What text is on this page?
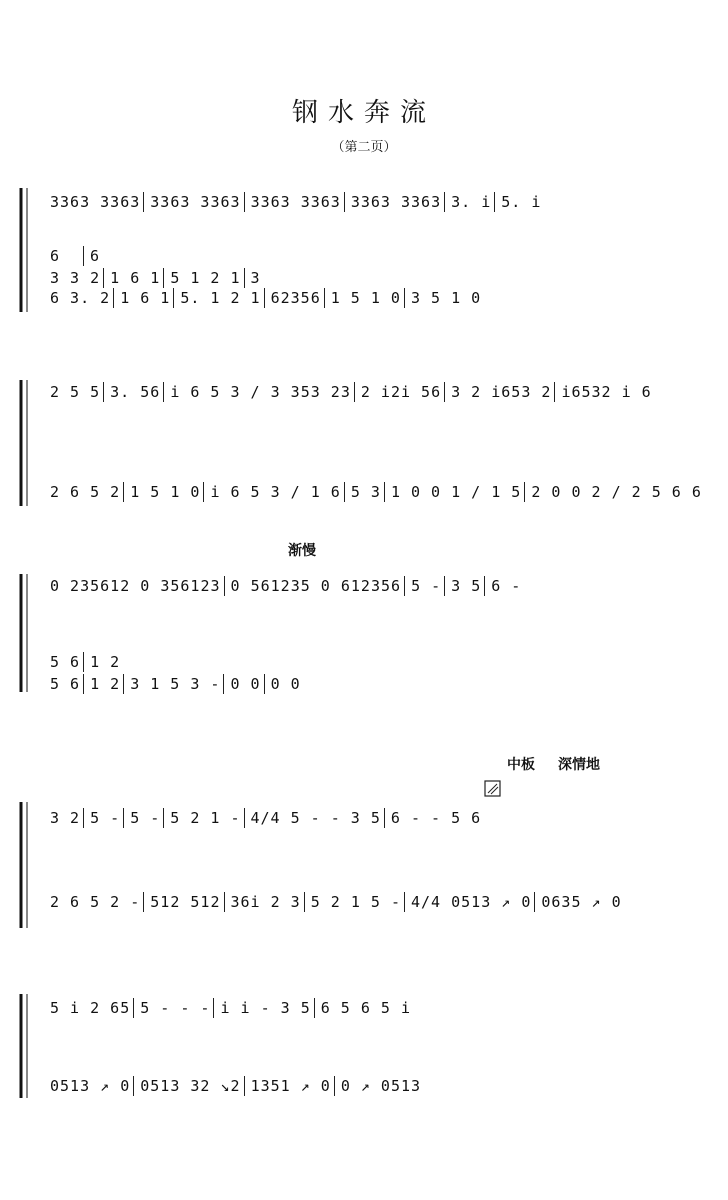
钢水奔流
（第二页）
渐慢
中板 深情地
3363 3363 3363 3363 3363 3363 3363 3363 3. i 5. i
6 6
3 3 2 1 6 1 5 1 2 1 3
6 3. 2 1 6 1 5. 1 2 1 62356 1 5 1 0 3 5 1 0
2 5 5 3. 56 i 6 5 3 / 3 353 23 2 i2i 56 3 2 i653 2 i6532 i 6
2 6 5 2 1 5 1 0 i 6 5 3 / 1 6 5 3 1 0 0 1 / 1 5 2 0 0 2 / 2 5 6 6
0 235612 0 356123 0 561235 0 612356 5 - 3 5 6 -
5 6 1 2
5 6 1 2 3 1 5 3 - 0 0 0 0
3 2 5 - 5 - 5 2 1 - 4/4 5 - - 3 5 6 - - 5 6
2 6 5 2 - 512 512 36i 2 3 5 2 1 5 - 4/4 0513 ↗ 0 0635 ↗ 0
5 i 2 65 5 - - - i i - 3 5 6 5 6 5 i
0513 ↗ 0 0513 32 ↘2 1351 ↗ 0 0 ↗ 0513
